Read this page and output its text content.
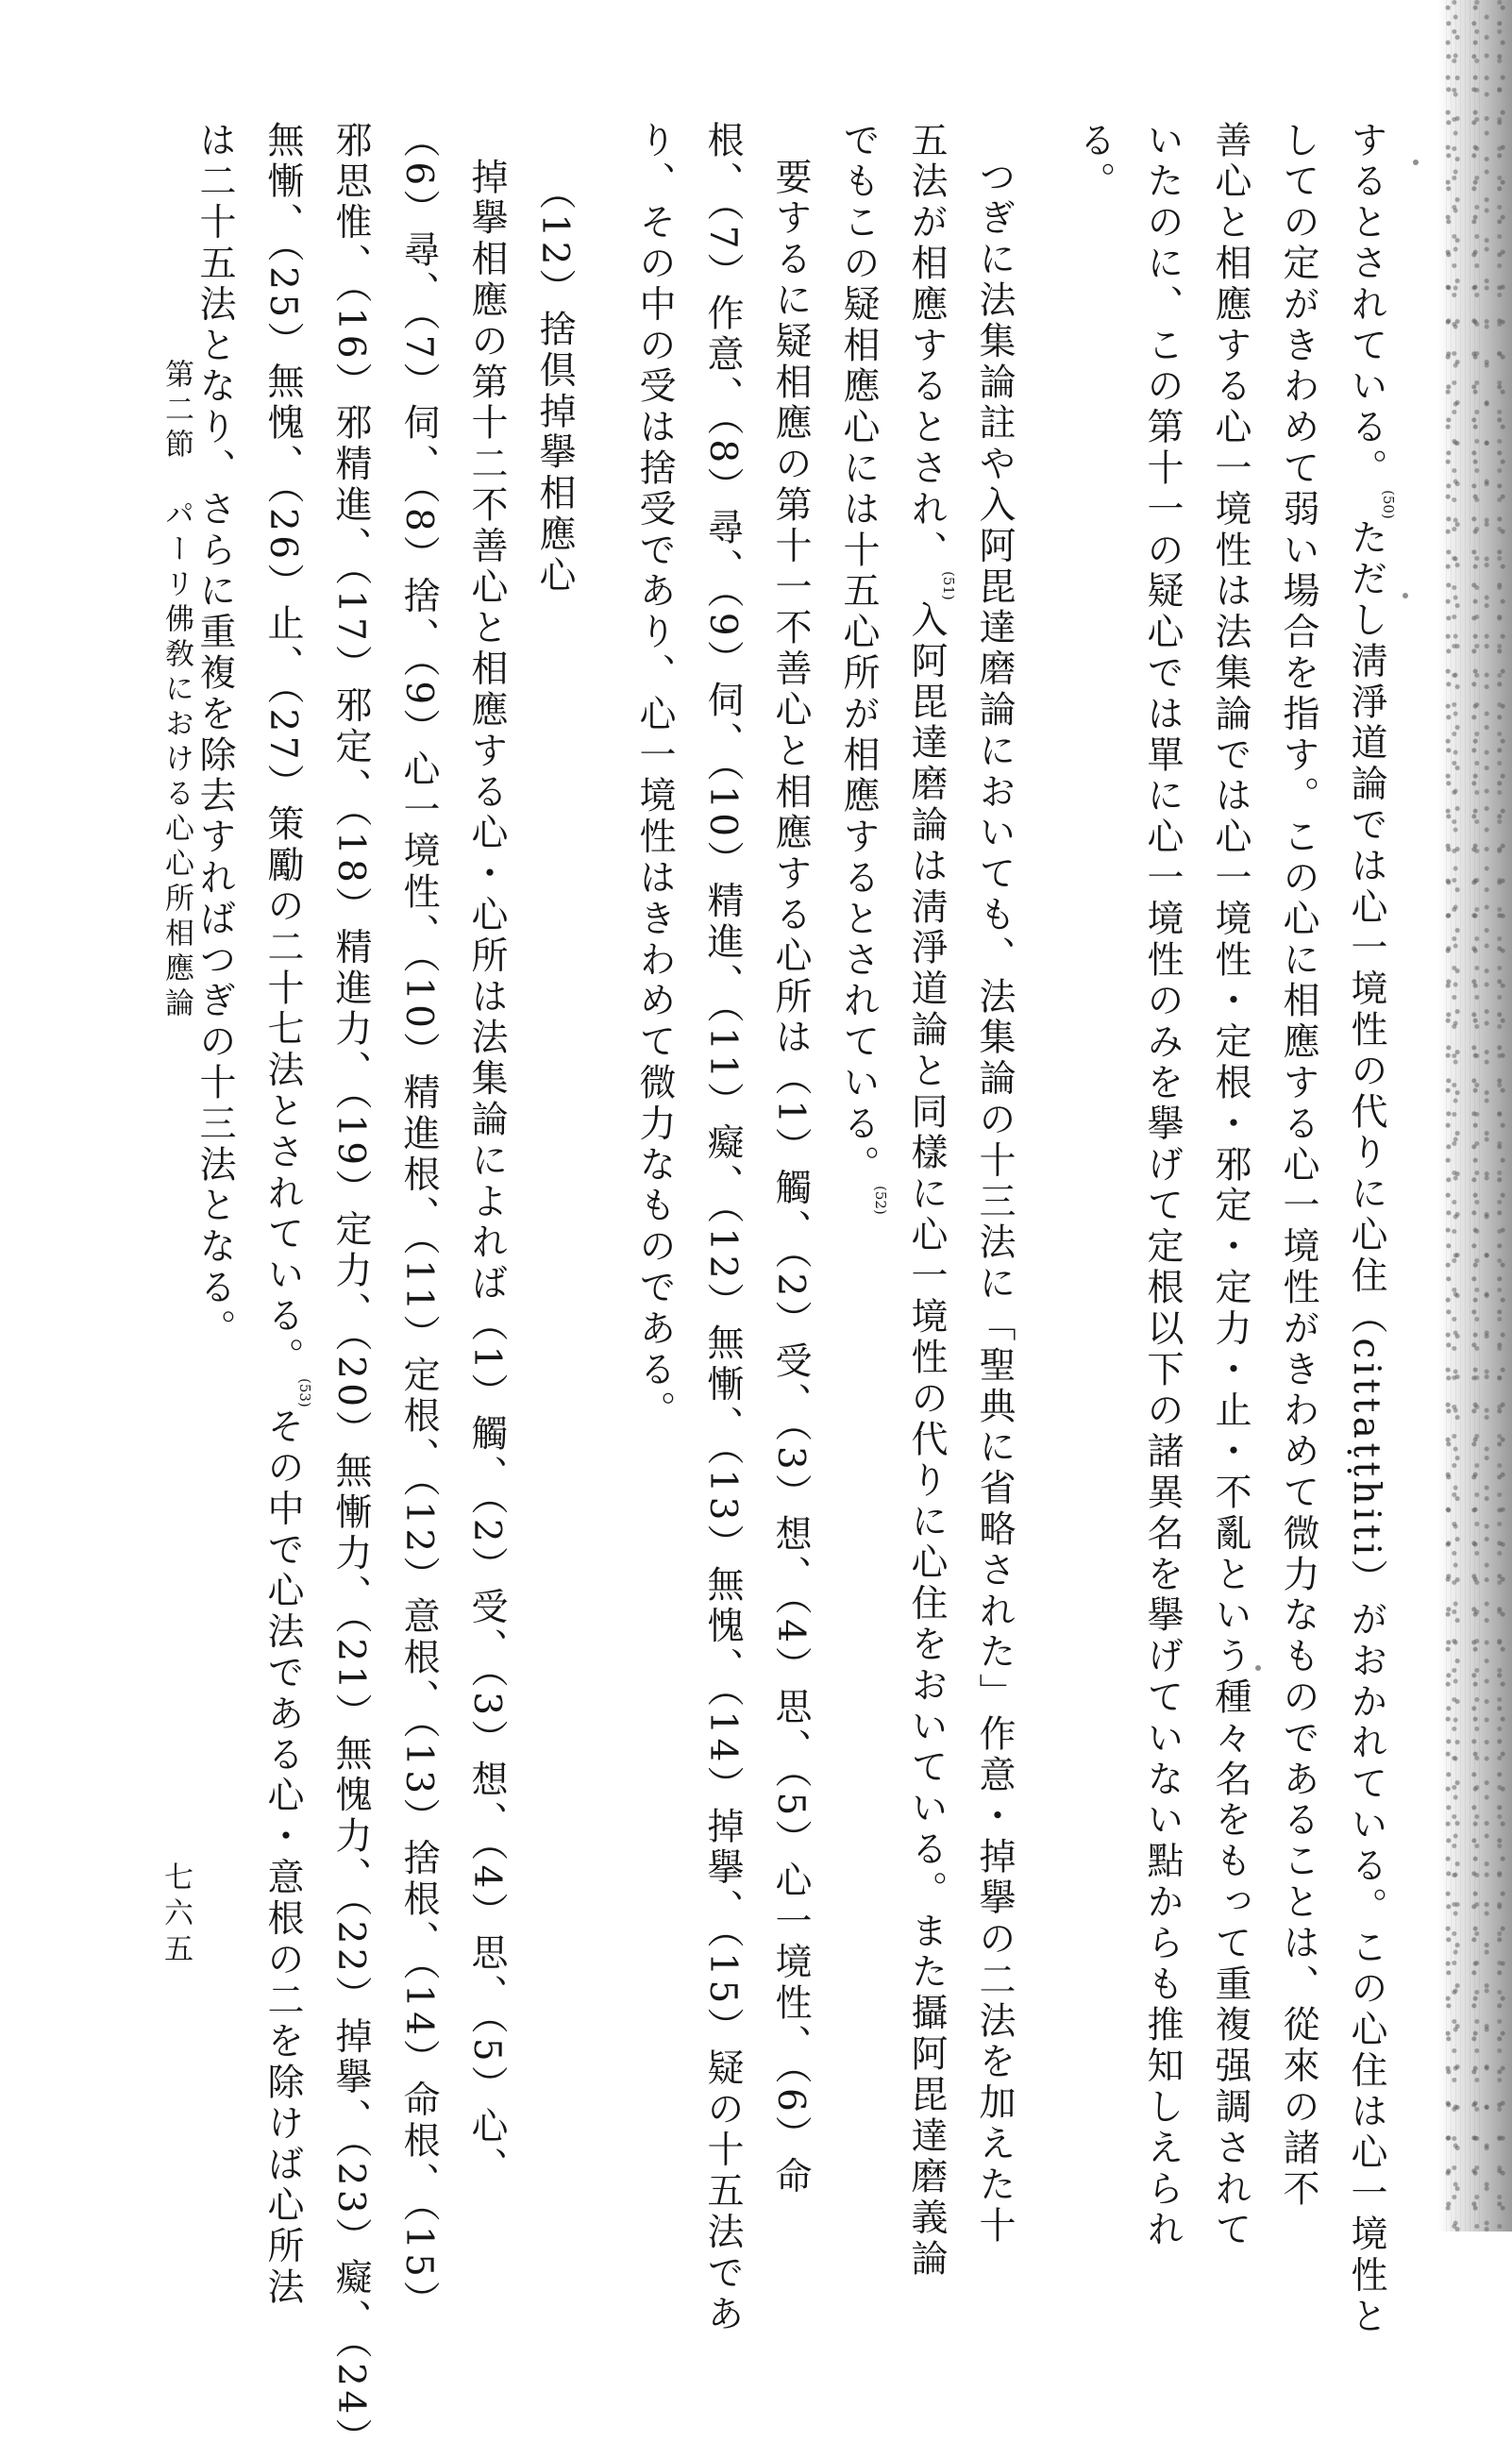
するとされている。$^{(50)}$ただし淸淨道論では心一境性の代りに心住（cittaṭṭhiti）がおかれている。この心住は心一境性と

しての定がきわめて弱い場合を指す。この心に相應する心一境性がきわめて微力なものであることは、從來の諸不

善心と相應する心一境性は法集論では心一境性・定根・邪定・定力・止・不亂という種々名をもって重複强調されて

いたのに、この第十一の疑心では單に心一境性のみを擧げて定根以下の諸異名を擧げていない點からも推知しえられ

る。

つぎに法集論註や入阿毘達磨論においても、法集論の十三法に「聖典に省略された」作意・掉擧の二法を加えた十

五法が相應するとされ、$^{(51)}$入阿毘達磨論は淸淨道論と同樣に心一境性の代りに心住をおいている。また攝阿毘達磨義論

でもこの疑相應心には十五心所が相應するとされている。$^{(52)}$

要するに疑相應の第十一不善心と相應する心所は（1）觸、（2）受、（3）想、（4）思、（5）心一境性、（6）命

根、（7）作意、（8）尋、（9）伺、（10）精進、（11）癡、（12）無慚、（13）無愧、（14）掉擧、（15）疑の十五法であ

り、その中の受は捨受であり、心一境性はきわめて微力なものである。

（12）捨倶掉擧相應心

掉擧相應の第十二不善心と相應する心・心所は法集論によれば（1）觸、（2）受、（3）想、（4）思、（5）心、

（6）尋、（7）伺、（8）捨、（9）心一境性、（10）精進根、（11）定根、（12）意根、（13）捨根、（14）命根、（15）

邪思惟、（16）邪精進、（17）邪定、（18）精進力、（19）定力、（20）無慚力、（21）無愧力、（22）掉擧、（23）癡、（24）

無慚、（25）無愧、（26）止、（27）策勵の二十七法とされている。$^{(53)}$その中で心法である心・意根の二を除けば心所法

は二十五法となり、さらに重複を除去すればつぎの十三法となる。

第二節　パーリ佛敎における心心所相應論
七六五
